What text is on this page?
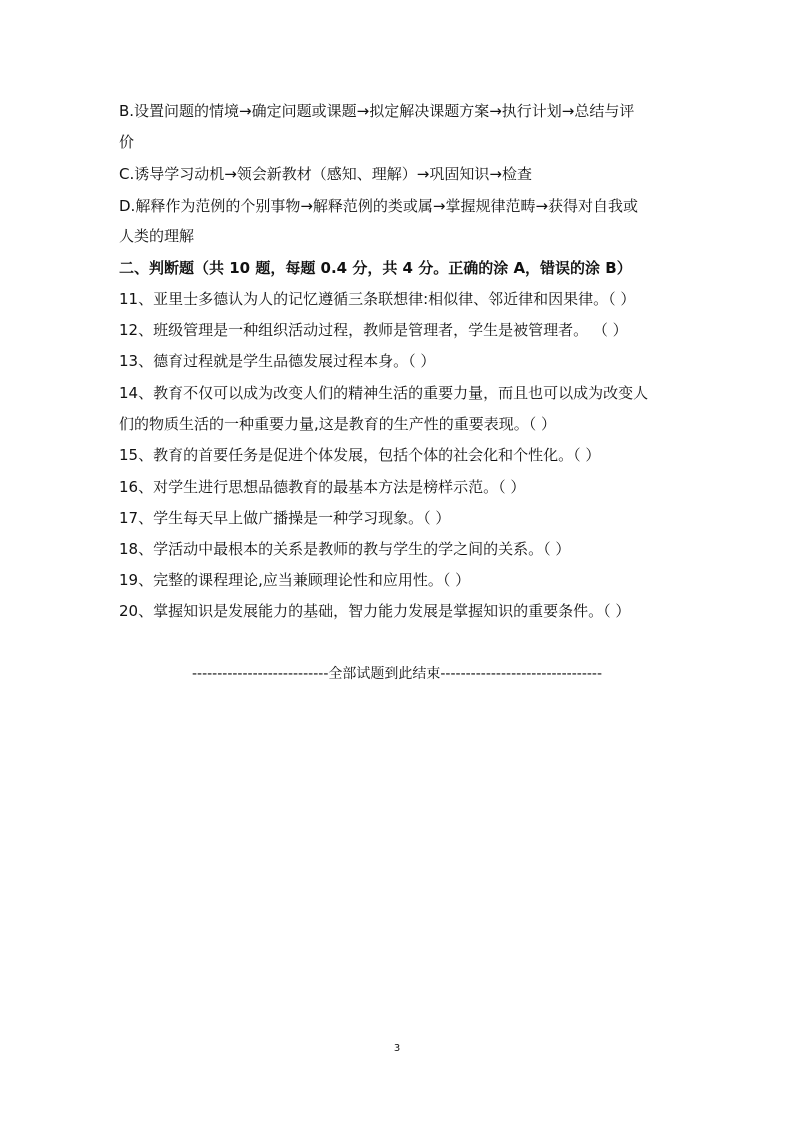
B.设置问题的情境→确定问题或课题→拟定解决课题方案→执行计划→总结与评
价
C.诱导学习动机→领会新教材（感知、理解）→巩固知识→检查
D.解释作为范例的个别事物→解释范例的类或属→掌握规律范畴→获得对自我或
人类的理解
二、判断题（共 10 题，每题 0.4 分，共 4 分。正确的涂 A，错误的涂 B）
11、亚里士多德认为人的记忆遵循三条联想律:相似律、邻近律和因果律。（ ）
12、班级管理是一种组织活动过程，教师是管理者，学生是被管理者。 （ ）
13、德育过程就是学生品德发展过程本身。（ ）
14、教育不仅可以成为改变人们的精神生活的重要力量，而且也可以成为改变人
们的物质生活的一种重要力量,这是教育的生产性的重要表现。（ ）
15、教育的首要任务是促进个体发展，包括个体的社会化和个性化。（ ）
16、对学生进行思想品德教育的最基本方法是榜样示范。（ ）
17、学生每天早上做广播操是一种学习现象。（ ）
18、学活动中最根本的关系是教师的教与学生的学之间的关系。（ ）
19、完整的课程理论,应当兼顾理论性和应用性。（ ）
20、掌握知识是发展能力的基础，智力能力发展是掌握知识的重要条件。（ ）
---------------------------全部试题到此结束--------------------------------
3
